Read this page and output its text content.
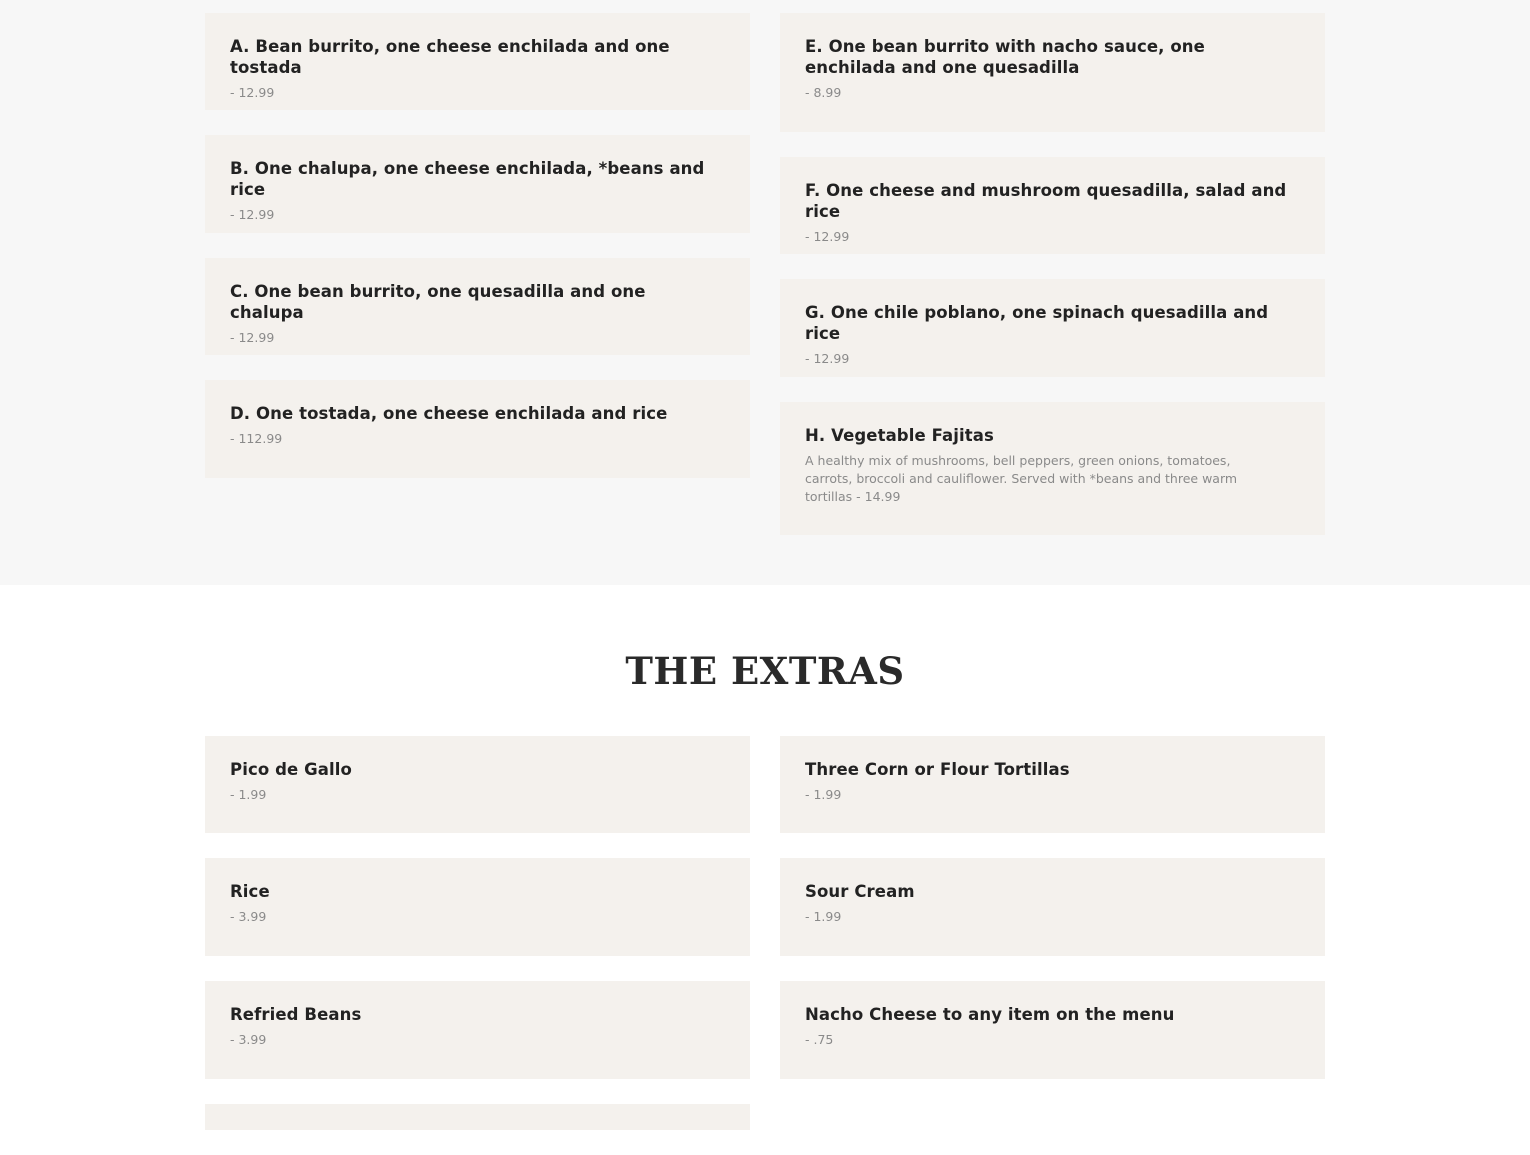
A. Bean burrito, one cheese enchilada and one tostada
- 12.99
B. One chalupa, one cheese enchilada, *beans and rice
- 12.99
C. One bean burrito, one quesadilla and one chalupa
- 12.99
D. One tostada, one cheese enchilada and rice
- 112.99
E. One bean burrito with nacho sauce, one enchilada and one quesadilla
- 8.99
F. One cheese and mushroom quesadilla, salad and rice
- 12.99
G. One chile poblano, one spinach quesadilla and rice
- 12.99
H. Vegetable Fajitas
A healthy mix of mushrooms, bell peppers, green onions, tomatoes, carrots, broccoli and cauliflower. Served with *beans and three warm tortillas - 14.99
THE EXTRAS
Pico de Gallo
- 1.99
Rice
- 3.99
Refried Beans
- 3.99
Three Corn or Flour Tortillas
- 1.99
Sour Cream
- 1.99
Nacho Cheese to any item on the menu
- .75
